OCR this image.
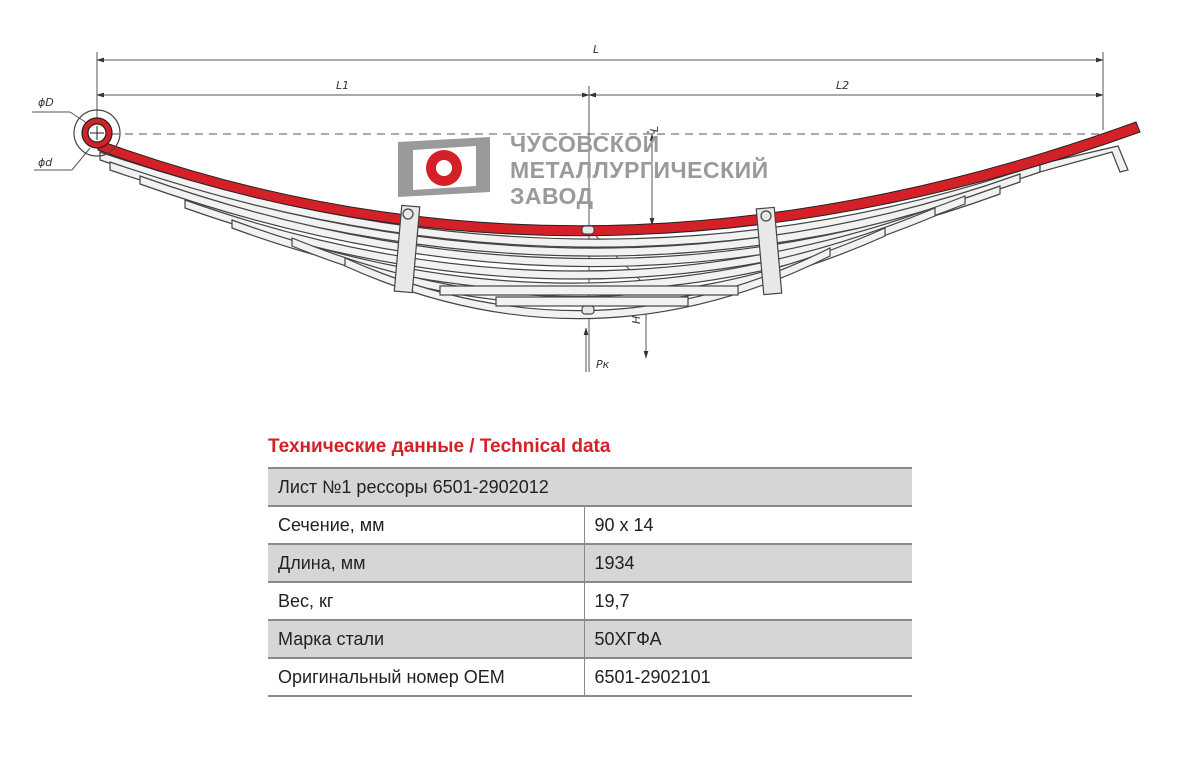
L
L1	L2
ϕD
ϕd
L
H
Pк
ЧУСОВСКОЙ
МЕТАЛЛУРГИЧЕСКИЙ
ЗАВОД
Технические данные / Technical data
Лист №1 рессоры 6501-2902012	
Сечение, мм	90 x 14
Длина, мм	1934
Вес, кг	19,7
Марка стали	50ХГФА
Оригинальный номер OEM	6501-2902101
